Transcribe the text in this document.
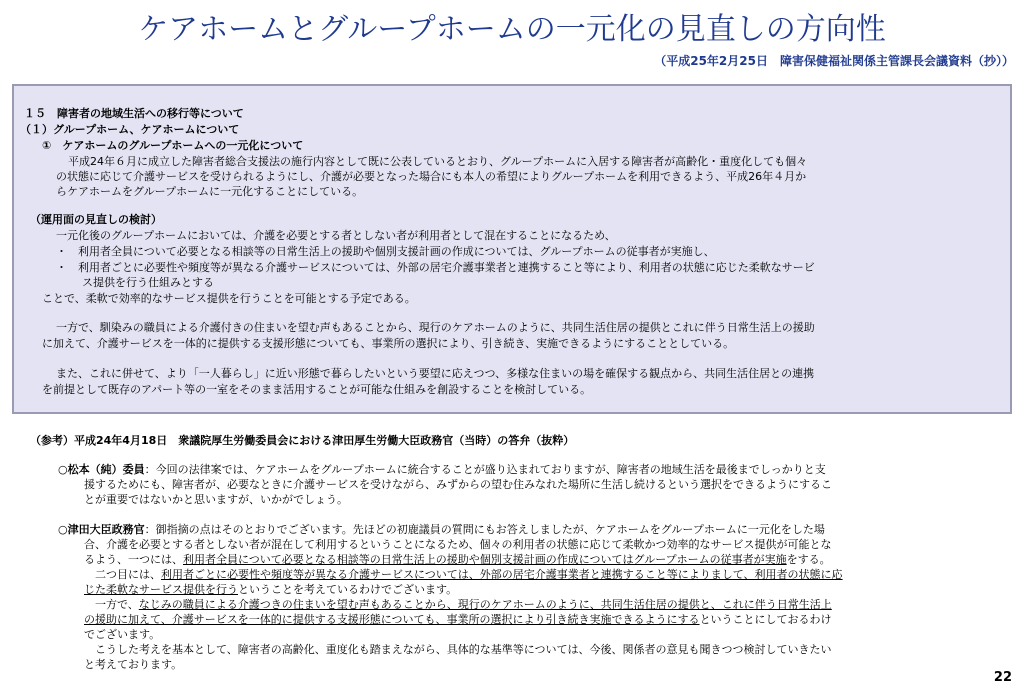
ケアホームとグループホームの一元化の見直しの方向性
（平成25年2月25日　障害保健福祉関係主管課長会議資料（抄））
１５　障害者の地域生活への移行等について
（１）グループホーム、ケアホームについて
①　ケアホームのグループホームへの一元化について
平成24年６月に成立した障害者総合支援法の施行内容として既に公表しているとおり、グループホームに入居する障害者が高齢化・重度化しても個々
の状態に応じて介護サービスを受けられるようにし、介護が必要となった場合にも本人の希望によりグループホームを利用できるよう、平成26年４月か
らケアホームをグループホームに一元化することにしている。
（運用面の見直しの検討）
一元化後のグループホームにおいては、介護を必要とする者としない者が利用者として混在することになるため、
・　利用者全員について必要となる相談等の日常生活上の援助や個別支援計画の作成については、グループホームの従事者が実施し、
・　利用者ごとに必要性や頻度等が異なる介護サービスについては、外部の居宅介護事業者と連携すること等により、利用者の状態に応じた柔軟なサービ
ス提供を行う仕組みとする
ことで、柔軟で効率的なサービス提供を行うことを可能とする予定である。
一方で、馴染みの職員による介護付きの住まいを望む声もあることから、現行のケアホームのように、共同生活住居の提供とこれに伴う日常生活上の援助
に加えて、介護サービスを一体的に提供する支援形態についても、事業所の選択により、引き続き、実施できるようにすることとしている。
また、これに併せて、より「一人暮らし」に近い形態で暮らしたいという要望に応えつつ、多様な住まいの場を確保する観点から、共同生活住居との連携
を前提として既存のアパート等の一室をそのまま活用することが可能な仕組みを創設することを検討している。
（参考）平成24年4月18日　衆議院厚生労働委員会における津田厚生労働大臣政務官（当時）の答弁（抜粋）
○松本（純）委員：今回の法律案では、ケアホームをグループホームに統合することが盛り込まれておりますが、障害者の地域生活を最後までしっかりと支
援するためにも、障害者が、必要なときに介護サービスを受けながら、みずからの望む住みなれた場所に生活し続けるという選択をできるようにするこ
とが重要ではないかと思いますが、いかがでしょう。
○津田大臣政務官：御指摘の点はそのとおりでございます。先ほどの初鹿議員の質問にもお答えしましたが、ケアホームをグループホームに一元化をした場
合、介護を必要とする者としない者が混在して利用するということになるため、個々の利用者の状態に応じて柔軟かつ効率的なサービス提供が可能とな
るよう、一つには、利用者全員について必要となる相談等の日常生活上の援助や個別支援計画の作成についてはグループホームの従事者が実施をする。
　二つ目には、利用者ごとに必要性や頻度等が異なる介護サービスについては、外部の居宅介護事業者と連携すること等によりまして、利用者の状態に応
じた柔軟なサービス提供を行うということを考えているわけでございます。
　一方で、なじみの職員による介護つきの住まいを望む声もあることから、現行のケアホームのように、共同生活住居の提供と、これに伴う日常生活上
の援助に加えて、介護サービスを一体的に提供する支援形態についても、事業所の選択により引き続き実施できるようにするということにしておるわけ
でございます。
　こうした考えを基本として、障害者の高齢化、重度化も踏まえながら、具体的な基準等については、今後、関係者の意見も聞きつつ検討していきたい
と考えております。
22
